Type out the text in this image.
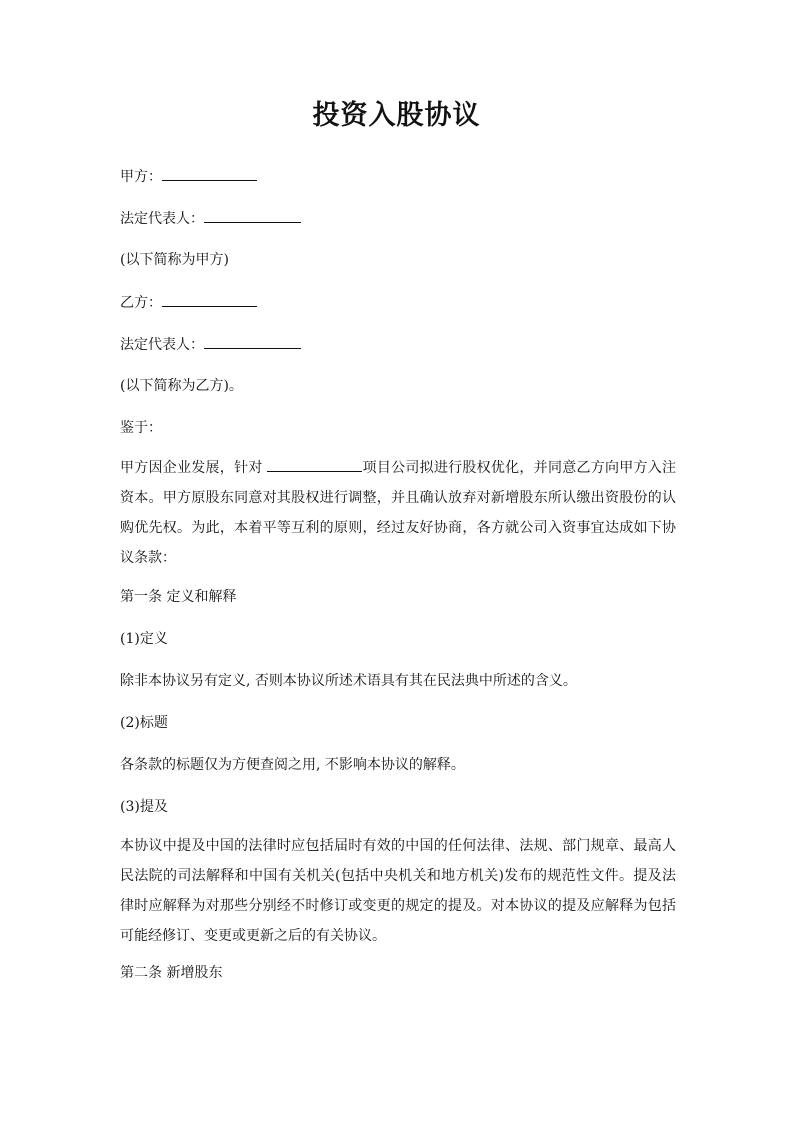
投资入股协议
甲方：
法定代表人：
(以下简称为甲方)
乙方：
法定代表人：
(以下简称为乙方)。
鉴于：
甲方因企业发展，针对	项目公司拟进行股权优化，并同意乙方向甲方入注资本。甲方原股东同意对其股权进行调整，并且确认放弃对新增股东所认缴出资股份的认购优先权。为此，本着平等互利的原则，经过友好协商，各方就公司入资事宜达成如下协议条款：
第一条 定义和解释
(1)定义
除非本协议另有定义, 否则本协议所述术语具有其在民法典中所述的含义。
(2)标题
各条款的标题仅为方便查阅之用, 不影响本协议的解释。
(3)提及
本协议中提及中国的法律时应包括届时有效的中国的任何法律、法规、部门规章、最高人民法院的司法解释和中国有关机关(包括中央机关和地方机关)发布的规范性文件。提及法律时应解释为对那些分别经不时修订或变更的规定的提及。对本协议的提及应解释为包括可能经修订、变更或更新之后的有关协议。
第二条 新增股东
